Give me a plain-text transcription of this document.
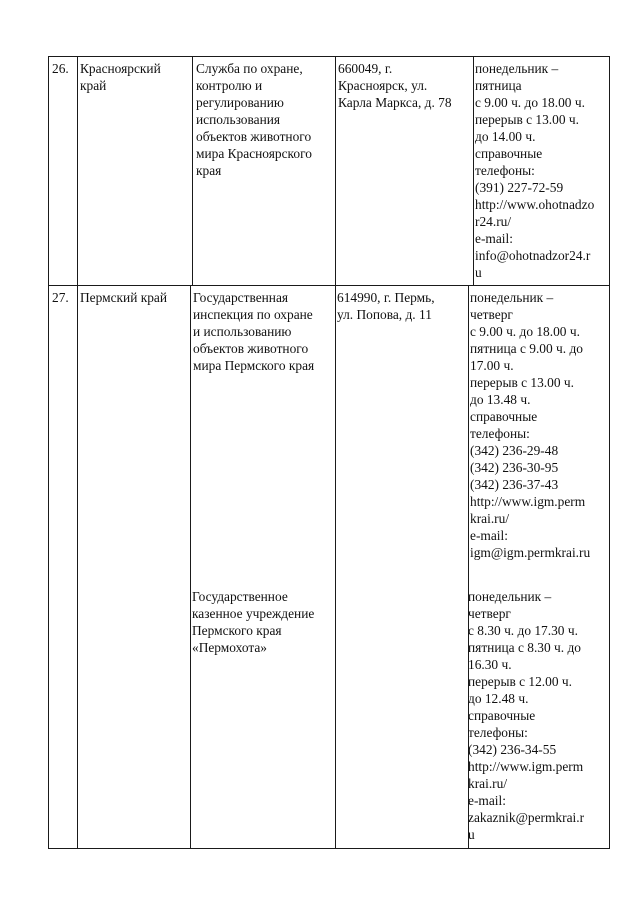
26. Красноярский
край
Служба по охране,
контролю и
регулированию
использования
объектов животного
мира Красноярского
края
660049, г.
Красноярск, ул.
Карла Маркса, д. 78
понедельник –
пятница
с 9.00 ч. до 18.00 ч.
перерыв с 13.00 ч.
до 14.00 ч.
справочные
телефоны:
(391) 227-72-59
http://www.ohotnadzo
r24.ru/
e-mail:
info@ohotnadzor24.r
u
27. Пермский край	Государственная
инспекция по охране
и использованию
объектов животного
мира Пермского края
614990, г. Пермь,
ул. Попова, д. 11
понедельник –
четверг
с 9.00 ч. до 18.00 ч.
пятница с 9.00 ч. до
17.00 ч.
перерыв с 13.00 ч.
до 13.48 ч.
справочные
телефоны:
(342) 236-29-48
(342) 236-30-95
(342) 236-37-43
http://www.igm.perm
krai.ru/
e-mail:
igm@igm.permkrai.ru
Государственное
казенное учреждение
Пермского края
«Пермохота»
понедельник –
четверг
с 8.30 ч. до 17.30 ч.
пятница с 8.30 ч. до
16.30 ч.
перерыв с 12.00 ч.
до 12.48 ч.
справочные
телефоны:
(342) 236-34-55
http://www.igm.perm
krai.ru/
e-mail:
zakaznik@permkrai.r
u
